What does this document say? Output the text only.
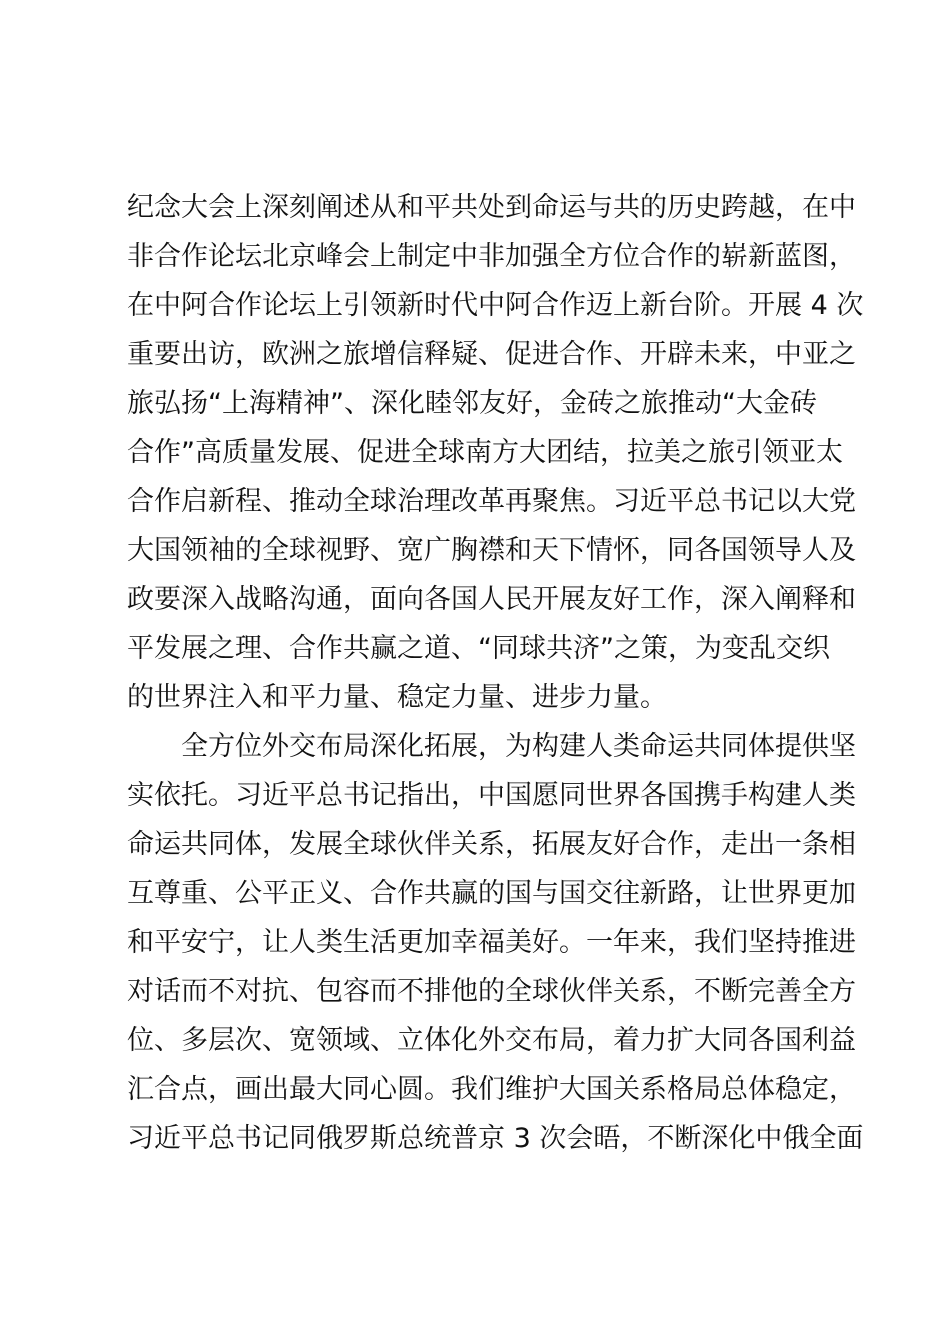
纪念大会上深刻阐述从和平共处到命运与共的历史跨越，在中
非合作论坛北京峰会上制定中非加强全方位合作的崭新蓝图，
在中阿合作论坛上引领新时代中阿合作迈上新台阶。开展 4 次
重要出访，欧洲之旅增信释疑、促进合作、开辟未来，中亚之
旅弘扬“上海精神”、深化睦邻友好，金砖之旅推动“大金砖
合作”高质量发展、促进全球南方大团结，拉美之旅引领亚太
合作启新程、推动全球治理改革再聚焦。习近平总书记以大党
大国领袖的全球视野、宽广胸襟和天下情怀，同各国领导人及
政要深入战略沟通，面向各国人民开展友好工作，深入阐释和
平发展之理、合作共赢之道、“同球共济”之策，为变乱交织
的世界注入和平力量、稳定力量、进步力量。
全方位外交布局深化拓展，为构建人类命运共同体提供坚
实依托。习近平总书记指出，中国愿同世界各国携手构建人类
命运共同体，发展全球伙伴关系，拓展友好合作，走出一条相
互尊重、公平正义、合作共赢的国与国交往新路，让世界更加
和平安宁，让人类生活更加幸福美好。一年来，我们坚持推进
对话而不对抗、包容而不排他的全球伙伴关系，不断完善全方
位、多层次、宽领域、立体化外交布局，着力扩大同各国利益
汇合点，画出最大同心圆。我们维护大国关系格局总体稳定，
习近平总书记同俄罗斯总统普京 3 次会晤，不断深化中俄全面
